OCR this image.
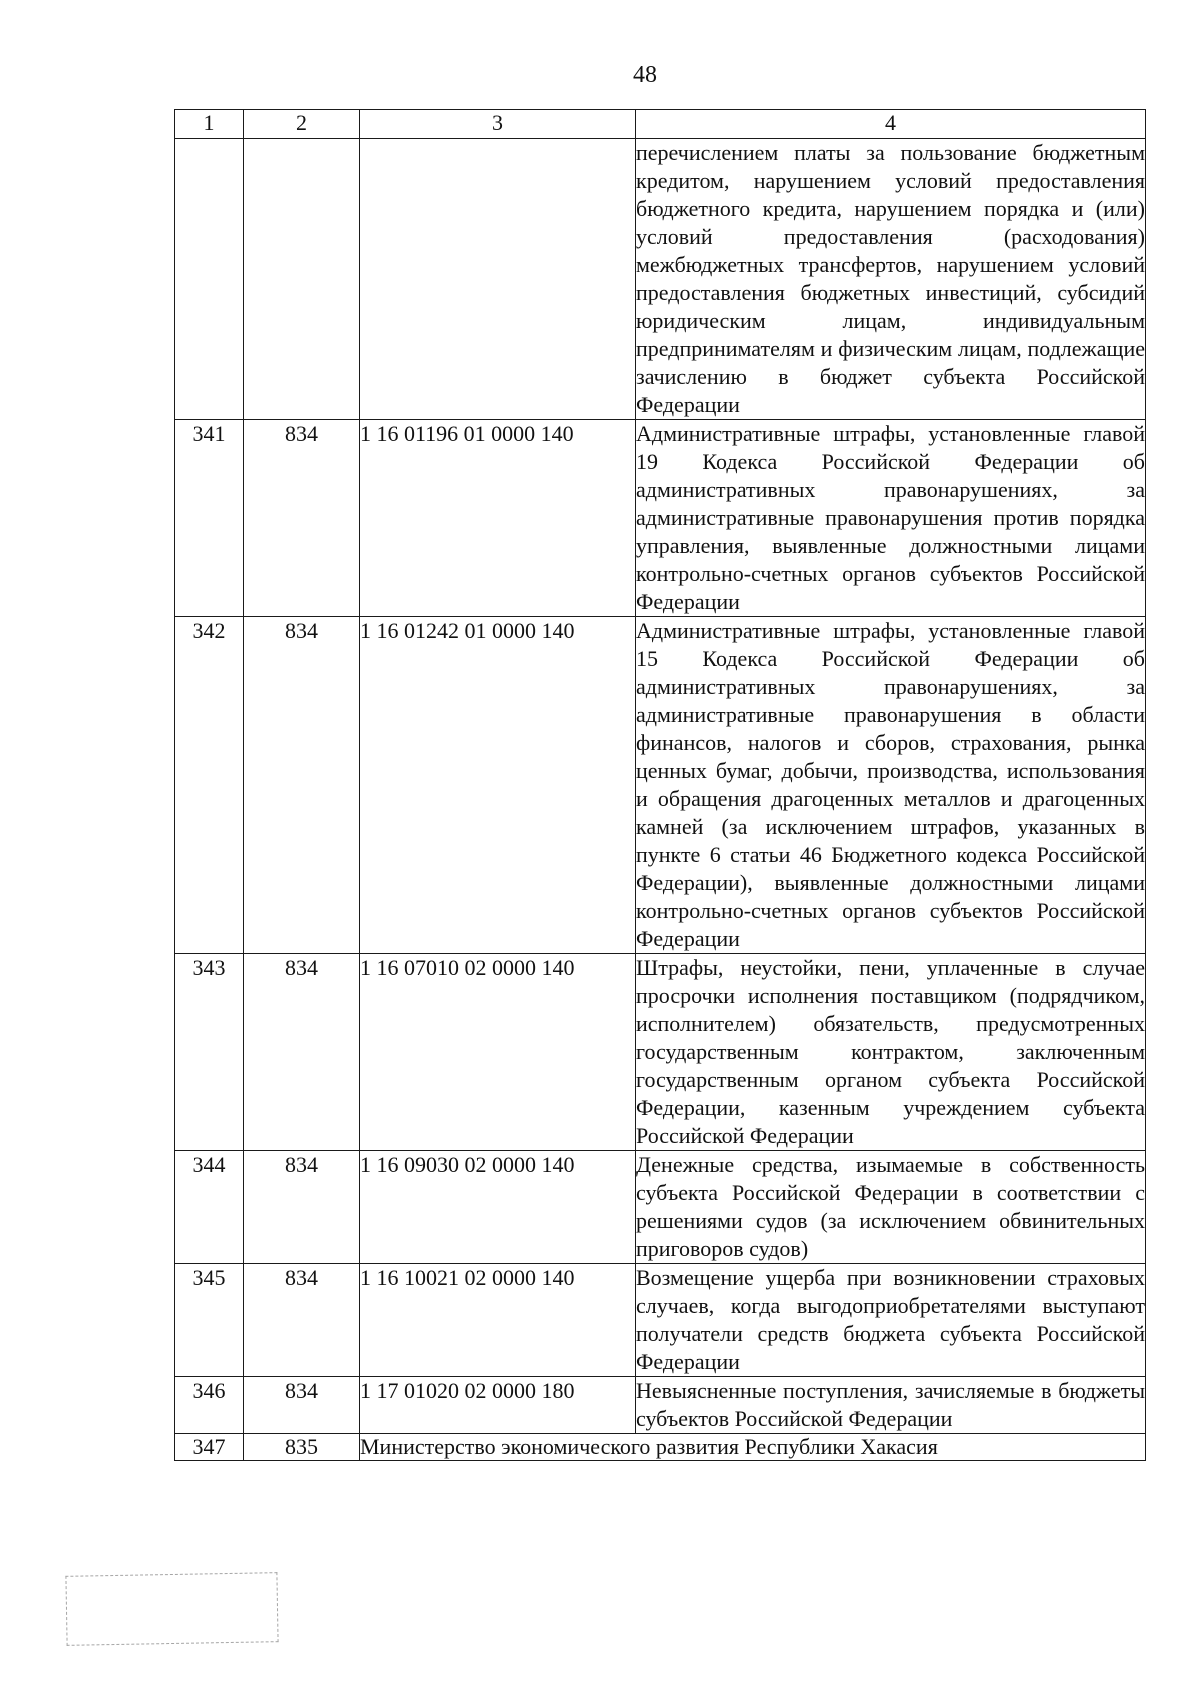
48
1	2	3	4
			перечислением платы за пользование бюджетным кредитом, нарушением условий предоставления бюджетного кредита, нарушением порядка и (или) условий предоставления (расходования) межбюджетных трансфертов, нарушением условий предоставления бюджетных инвестиций, субсидий юридическим лицам, индивидуальным предпринимателям и физическим лицам, подлежащие зачислению в бюджет субъекта Российской Федерации
341	834	1 16 01196 01 0000 140	Административные штрафы, установленные главой 19 Кодекса Российской Федерации об административных правонарушениях, за административные правонарушения против порядка управления, выявленные должностными лицами контрольно-счетных органов субъектов Российской Федерации
342	834	1 16 01242 01 0000 140	Административные штрафы, установленные главой 15 Кодекса Российской Федерации об административных правонарушениях, за административные правонарушения в области финансов, налогов и сборов, страхования, рынка ценных бумаг, добычи, производства, использования и обращения драгоценных металлов и драгоценных камней (за исключением штрафов, указанных в пункте 6 статьи 46 Бюджетного кодекса Российской Федерации), выявленные должностными лицами контрольно-счетных органов субъектов Российской Федерации
343	834	1 16 07010 02 0000 140	Штрафы, неустойки, пени, уплаченные в случае просрочки исполнения поставщиком (подрядчиком, исполнителем) обязательств, предусмотренных государственным контрактом, заключенным государственным органом субъекта Российской Федерации, казенным учреждением субъекта Российской Федерации
344	834	1 16 09030 02 0000 140	Денежные средства, изымаемые в собственность субъекта Российской Федерации в соответствии с решениями судов (за исключением обвинительных приговоров судов)
345	834	1 16 10021 02 0000 140	Возмещение ущерба при возникновении страховых случаев, когда выгодоприобретателями выступают получатели средств бюджета субъекта Российской Федерации
346	834	1 17 01020 02 0000 180	Невыясненные поступления, зачисляемые в бюджеты субъектов Российской Федерации
347	835	Министерство экономического развития Республики Хакасия	
